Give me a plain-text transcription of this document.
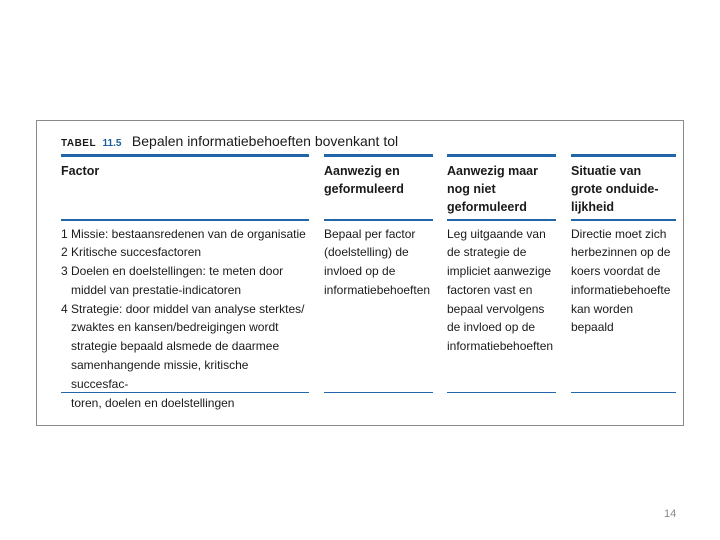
TABEL 11.5 Bepalen informatiebehoeften bovenkant tol
Factor
1 Missie: bestaansredenen van de organisatie
2 Kritische succesfactoren
3 Doelen en doelstellingen: te meten door
middel van prestatie-indicatoren
4 Strategie: door middel van analyse sterktes/
zwaktes en kansen/bedreigingen wordt
strategie bepaald alsmede de daarmee
samenhangende missie, kritische succesfac-
toren, doelen en doelstellingen
Aanwezig en
geformuleerd
Bepaal per factor
(doelstelling) de
invloed op de
informatiebehoeften
Aanwezig maar
nog niet
geformuleerd
Leg uitgaande van
de strategie de
impliciet aanwezige
factoren vast en
bepaal vervolgens
de invloed op de
informatiebehoeften
Situatie van
grote onduide-
lijkheid
Directie moet zich
herbezinnen op de
koers voordat de
informatiebehoefte
kan worden
bepaald
14
